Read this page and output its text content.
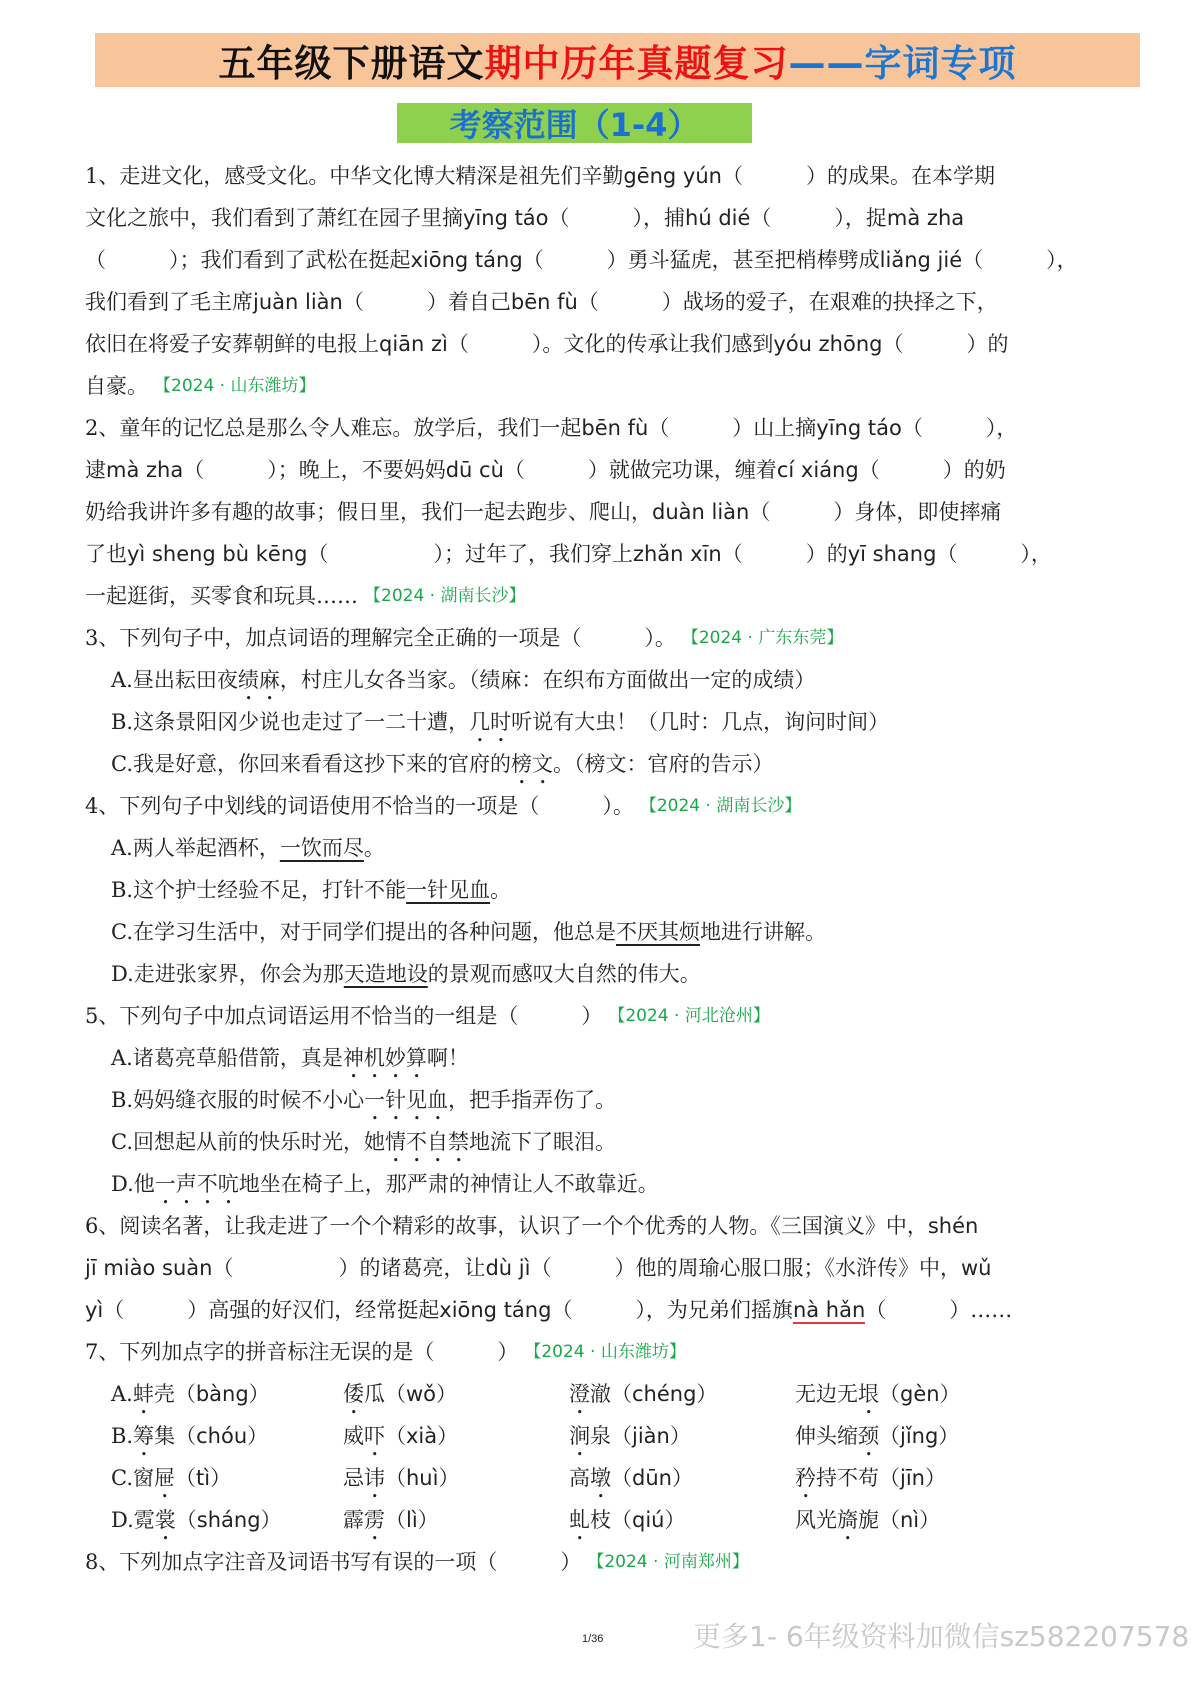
五年级下册语文 期中历年真题复习 ——字词专项
考察范围（1-4）
1、走进文化，感受文化。中华文化博大精深是祖先们辛勤gēng yún（　　　）的成果。在本学期
文化之旅中，我们看到了萧红在园子里摘yīng táo（　　　），捕hú dié（　　　），捉mà zha
（　　　）；我们看到了武松在挺起xiōng táng（　　　）勇斗猛虎，甚至把梢棒劈成liǎng jié（　　　），
我们看到了毛主席juàn liàn（　　　）着自己bēn fù（　　　）战场的爱子，在艰难的抉择之下，
依旧在将爱子安葬朝鲜的电报上qiān zì（　　　）。文化的传承让我们感到yóu zhōng（　　　）的
自豪。 【2024 · 山东潍坊】
2、童年的记忆总是那么令人难忘。放学后，我们一起bēn fù（　　　）山上摘yīng táo（　　　），
逮mà zha（　　　）；晚上，不要妈妈dū cù（　　　）就做完功课，缠着cí xiáng（　　　）的奶
奶给我讲许多有趣的故事；假日里，我们一起去跑步、爬山，duàn liàn（　　　）身体，即使摔痛
了也yì sheng bù kēng（　　　　　）；过年了，我们穿上zhǎn xīn（　　　）的yī shang（　　　），
一起逛街，买零食和玩具…… 【2024 · 湖南长沙】
3、下列句子中，加点词语的理解完全正确的一项是（　　　）。 【2024 · 广东东莞】
A.昼出耘田夜 绩麻 ，村庄儿女各当家。（绩麻：在织布方面做出一定的成绩）
B.这条景阳冈少说也走过了一二十遭， 几时 听说有大虫！（几时：几点，询问时间）
C.我是好意，你回来看看这抄下来的官府的 榜文 。（榜文：官府的告示）
4、下列句子中划线的词语使用不恰当的一项是（　　　）。 【2024 · 湖南长沙】
A.两人举起酒杯， 一饮而尽 。
B.这个护士经验不足，打针不能 一针见血 。
C.在学习生活中，对于同学们提出的各种问题，他总是 不厌其烦 地进行讲解。
D.走进张家界，你会为那 天造地设 的景观而感叹大自然的伟大。
5、下列句子中加点词语运用不恰当的一组是（　　　） 【2024 · 河北沧州】
A.诸葛亮草船借箭，真是 神机妙算 啊！
B.妈妈缝衣服的时候不小心 一针见血 ，把手指弄伤了。
C.回想起从前的快乐时光，她 情不自禁 地流下了眼泪。
D.他 一声不吭 地坐在椅子上，那严肃的神情让人不敢靠近。
6、阅读名著，让我走进了一个个精彩的故事，认识了一个个优秀的人物。《三国演义》中，shén
jī miào suàn（　　　　　）的诸葛亮，让dù jì（　　　）他的周瑜心服口服；《水浒传》中，wǔ
yì（　　　）高强的好汉们，经常挺起xiōng táng（　　　），为兄弟们摇旗nà hǎn（　　　）……
7、下列加点字的拼音标注无误的是（　　　） 【2024 · 山东潍坊】
A.蚌壳（bàng）	倭瓜（wǒ）	澄澈（chéng）	无边无垠（gèn）
B.筹集（chóu）	威吓（xià）	涧泉（jiàn）	伸头缩颈（jǐng）
C.窗屉（tì）	忌讳（huì）	高墩（dūn）	矜持不苟（jīn）
D.霓裳（sháng）	霹雳（lì）	虬枝（qiú）	风光旖旎（nì）
8、下列加点字注音及词语书写有误的一项（　　　） 【2024 · 河南郑州】
1/36	更多1- 6年级资料加微信sz582207578
